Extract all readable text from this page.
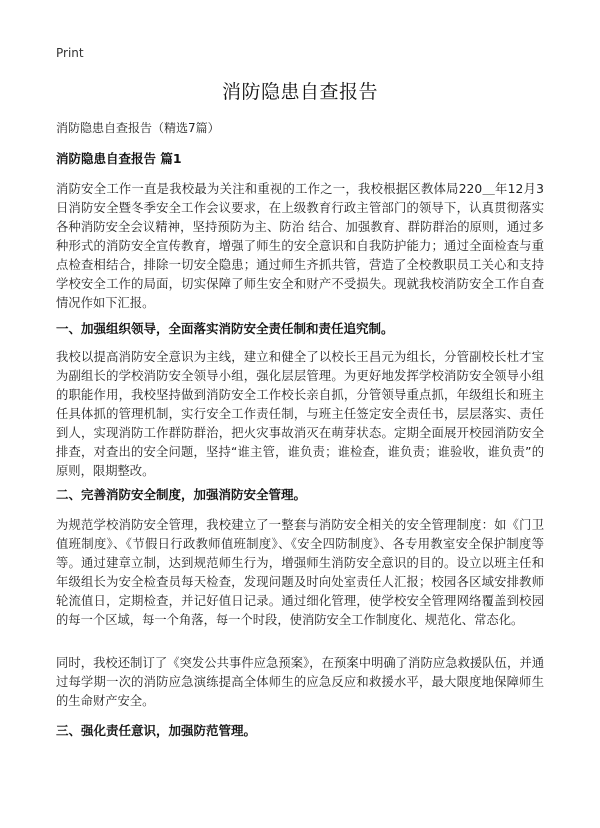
Print
消防隐患自查报告
消防隐患自查报告（精选7篇）
消防隐患自查报告 篇1
消防安全工作一直是我校最为关注和重视的工作之一，我校根据区教体局220＿年12月3日消防安全暨冬季安全工作会议要求，在上级教育行政主管部门的领导下，认真贯彻落实各种消防安全会议精神，坚持预防为主、防治 结合、加强教育、群防群治的原则，通过多种形式的消防安全宣传教育，增强了师生的安全意识和自我防护能力；通过全面检查与重点检查相结合，排除一切安全隐患；通过师生齐抓共管，营造了全校教职员工关心和支持学校安全工作的局面，切实保障了师生安全和财产不受损失。现就我校消防安全工作自查情况作如下汇报。
一、加强组织领导，全面落实消防安全责任制和责任追究制。
我校以提高消防安全意识为主线，建立和健全了以校长王昌元为组长，分管副校长杜才宝为副组长的学校消防安全领导小组，强化层层管理。为更好地发挥学校消防安全领导小组的职能作用，我校坚持做到消防安全工作校长亲自抓，分管领导重点抓，年级组长和班主任具体抓的管理机制，实行安全工作责任制，与班主任签定安全责任书，层层落实、责任到人，实现消防工作群防群治，把火灾事故消灭在萌芽状态。定期全面展开校园消防安全排查，对查出的安全问题，坚持“谁主管，谁负责；谁检查，谁负责；谁验收，谁负责”的原则，限期整改。
二、完善消防安全制度，加强消防安全管理。
为规范学校消防安全管理，我校建立了一整套与消防安全相关的安全管理制度：如《门卫值班制度》、《节假日行政教师值班制度》、《安全四防制度》、各专用教室安全保护制度等等。通过建章立制，达到规范师生行为，增强师生消防安全意识的目的。设立以班主任和年级组长为安全检查员每天检查，发现问题及时向处室责任人汇报；校园各区域安排教师轮流值日，定期检查，并记好值日记录。通过细化管理，使学校安全管理网络覆盖到校园的每一个区域，每一个角落，每一个时段，使消防安全工作制度化、规范化、常态化。
同时，我校还制订了《突发公共事件应急预案》，在预案中明确了消防应急救援队伍，并通过每学期一次的消防应急演练提高全体师生的应急反应和救援水平，最大限度地保障师生的生命财产安全。
三、强化责任意识，加强防范管理。
